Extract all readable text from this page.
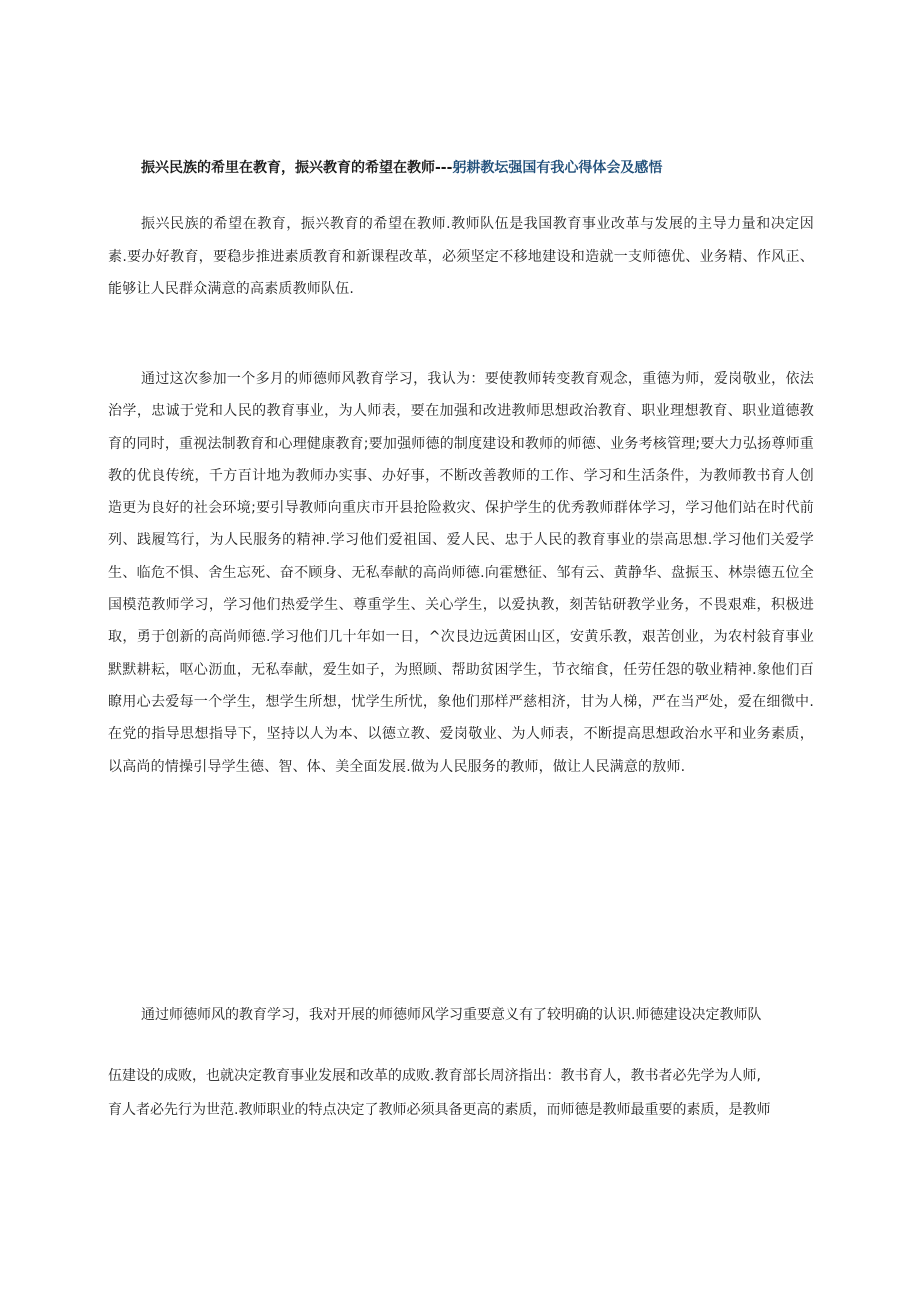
振兴民族的希里在教育，振兴教育的希望在教师---躬耕教坛强国有我心得体会及感悟

振兴民族的希望在教育，振兴教育的希望在教师.教师队伍是我国教育事业改革与发展的主导力量和决定因素.要办好教育，要稳步推进素质教育和新课程改革，必须坚定不移地建设和造就一支师德优、业务精、作风正、能够让人民群众满意的高素质教师队伍.

通过这次参加一个多月的师德师风教育学习，我认为：要使教师转变教育观念，重德为师，爱岗敬业，依法治学，忠诚于党和人民的教育事业，为人师表，要在加强和改进教师思想政治教育、职业理想教育、职业道德教育的同时，重视法制教育和心理健康教育;要加强师德的制度建设和教师的师德、业务考核管理;要大力弘扬尊师重教的优良传统，千方百计地为教师办实事、办好事，不断改善教师的工作、学习和生活条件，为教师教书育人创造更为良好的社会环境;要引导教师向重庆市开县抢险救灾、保护学生的优秀教师群体学习，学习他们站在时代前列、践履笃行，为人民服务的精神.学习他们爱祖国、爱人民、忠于人民的教育事业的崇高思想.学习他们关爱学生、临危不惧、舍生忘死、奋不顾身、无私奉献的高尚师德.向霍懋征、邹有云、黄静华、盘振玉、林崇德五位全国模范教师学习，学习他们热爱学生、尊重学生、关心学生，以爱执教，刻苦钻研教学业务，不畏艰难，积极进取，勇于创新的高尚师德.学习他们几十年如一日，^次艮边远黄困山区，安黄乐教，艰苦创业，为农村敍育事业默默耕耘，呕心沥血，无私奉献，爱生如子，为照顾、帮助贫困学生，节衣缩食，任劳任怨的敬业精神.象他们百瞭用心去爱每一个学生，想学生所想，忧学生所忧，象他们那样严慈相济，甘为人梯，严在当严处，爱在细微中.在党的指导思想指导下，坚持以人为本、以德立教、爱岗敬业、为人师表，不断提高思想政治水平和业务素质，以高尚的情操引导学生德、智、体、美全面发展.做为人民服务的教师，做让人民满意的敖师.

通过师德师风的教育学习，我对开展的师德师风学习重要意义有了较明确的认识.师德建设决定教师队

伍建设的成败，也就决定教育事业发展和改革的成败.教育部长周济指出：教书育人，教书者必先学为人师,
育人者必先行为世范.教师职业的特点决定了教师必须具备更高的素质，而师德是教师最重要的素质，是教师
